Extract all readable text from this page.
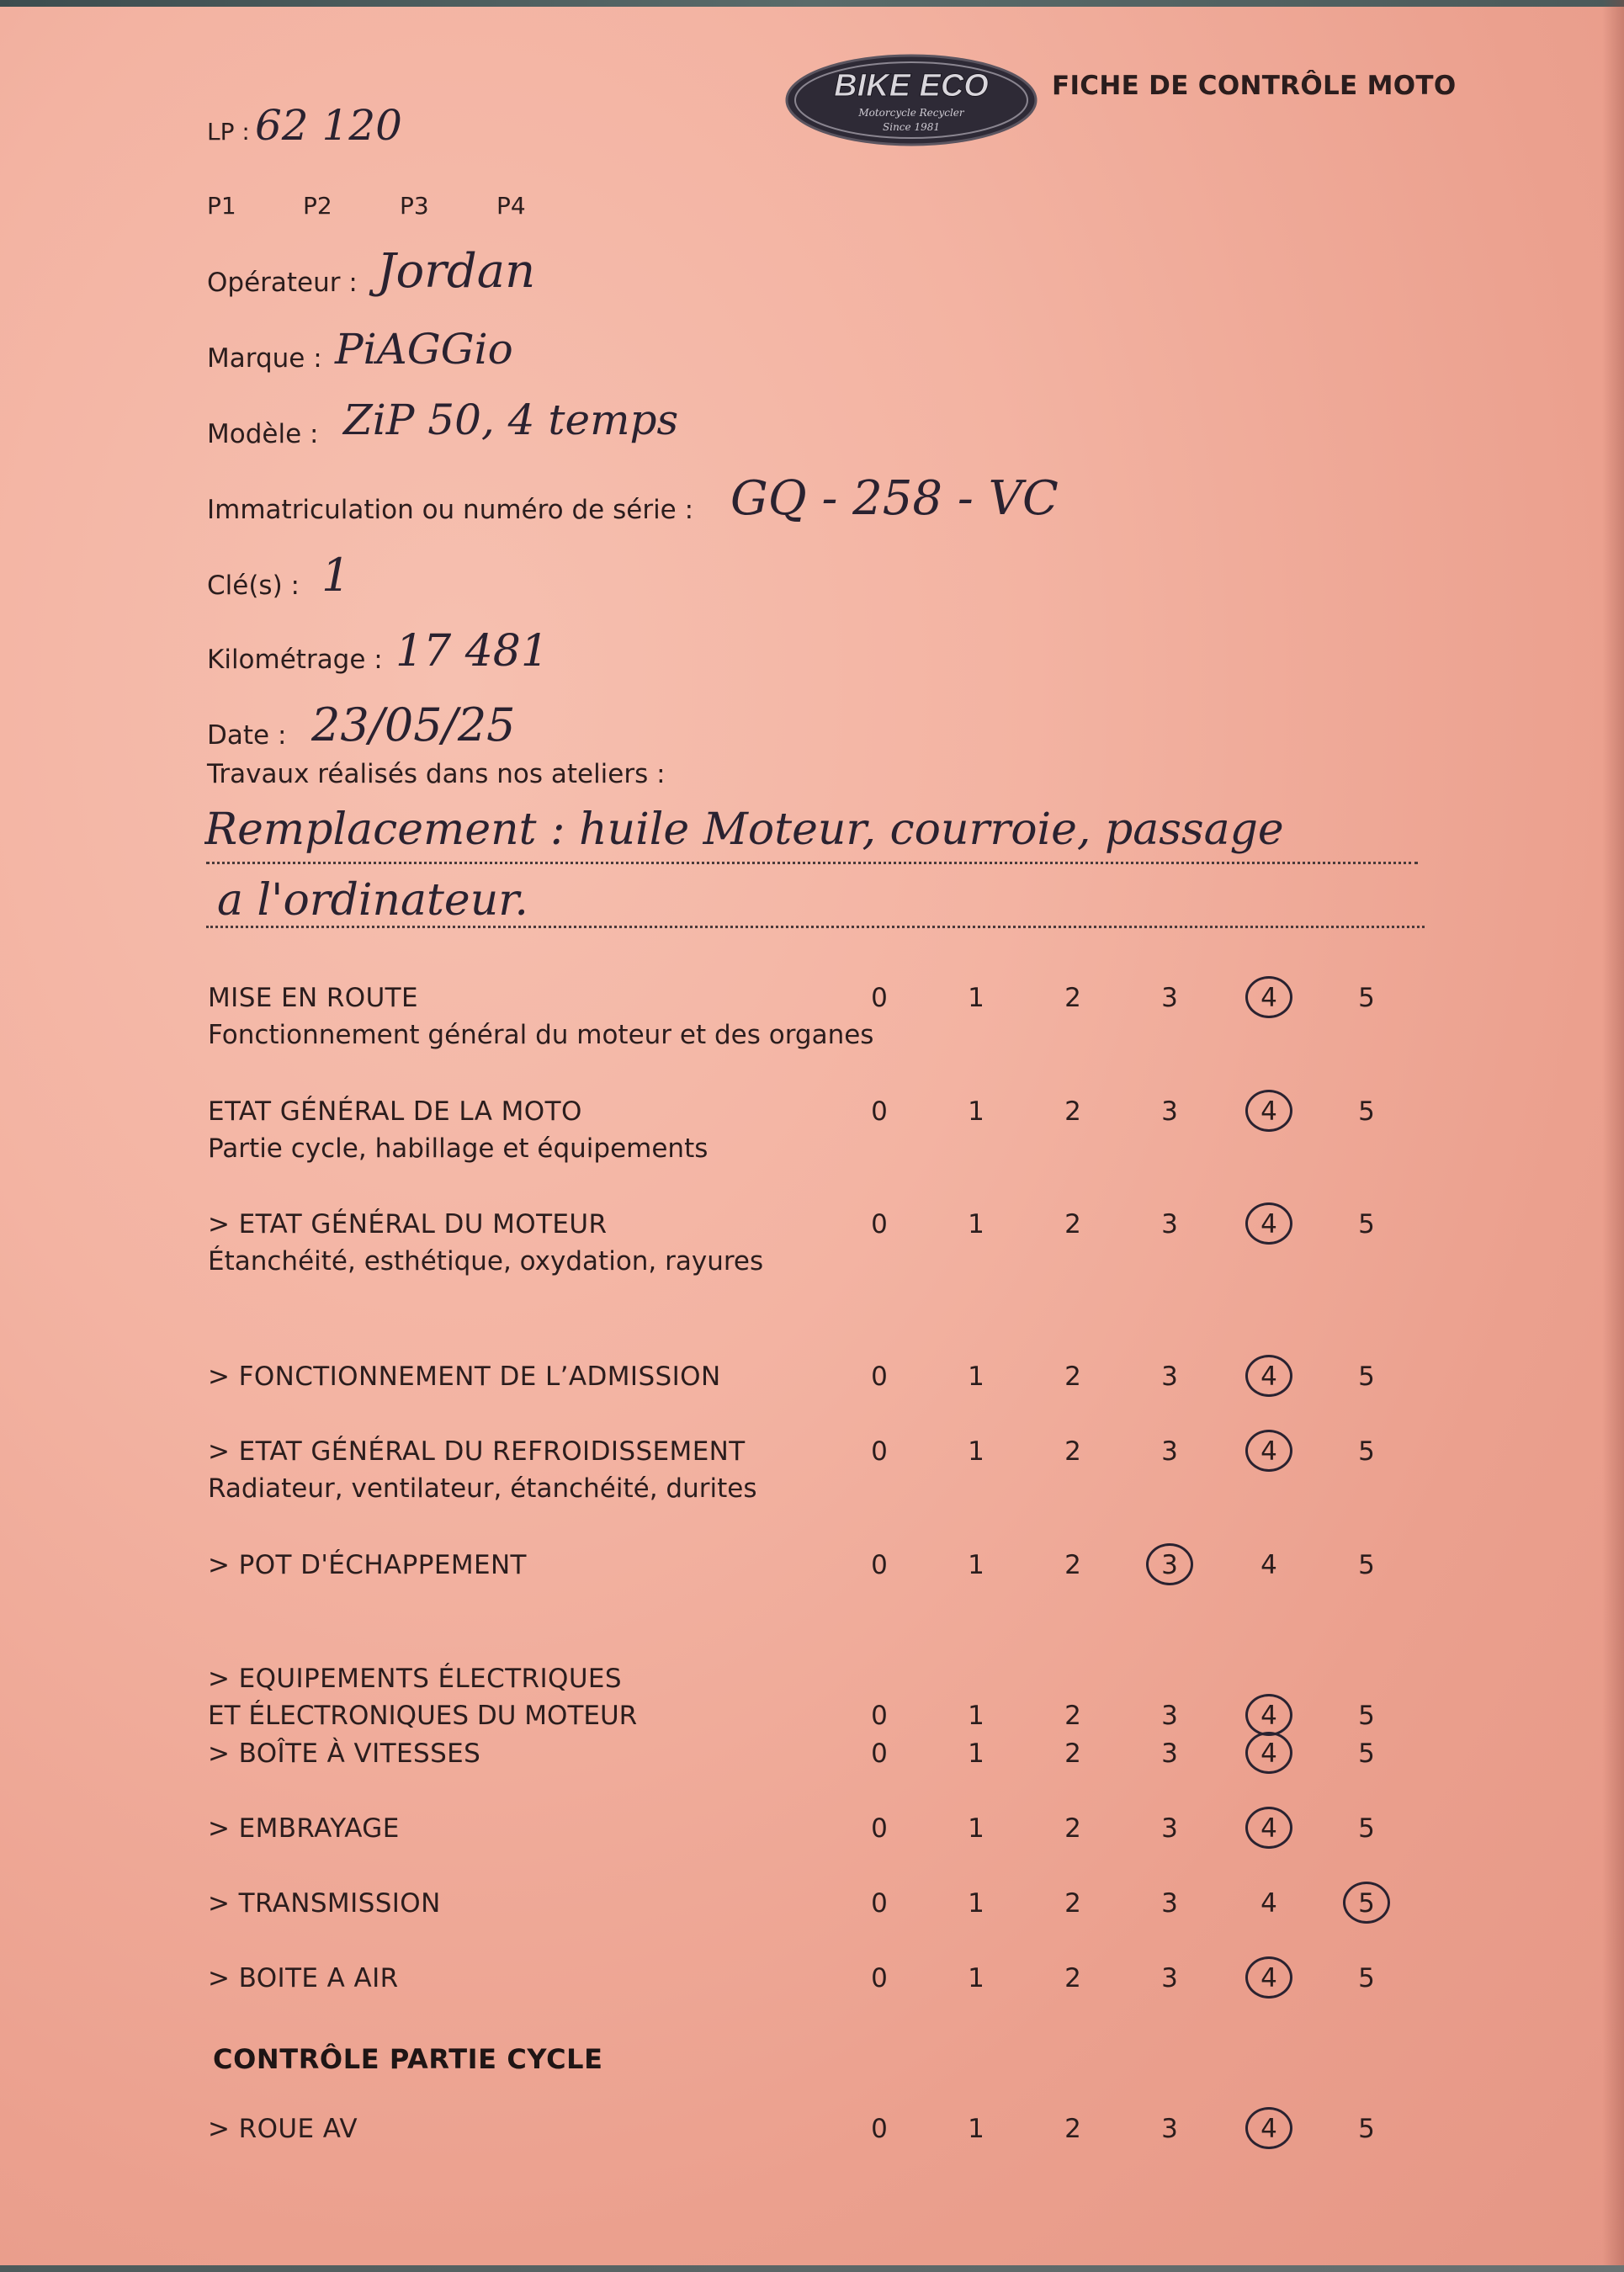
BIKE ECO
Motorcycle Recycler
Since 1981
FICHE DE CONTRÔLE MOTO
LP : 62 120
P1	P2	P3	P4
Opérateur : Jordan
Marque : PiAGGio
Modèle : ZiP 50, 4 temps
Immatriculation ou numéro de série : GQ - 258 - VC
Clé(s) : 1
Kilométrage : 17 481
Date : 23/05/25
Travaux réalisés dans nos ateliers :
Remplacement : huile Moteur, courroie, passage
a l'ordinateur.
MISE EN ROUTE
Fonctionnement général du moteur et des organes
0	1	2	3	4	5
ETAT GÉNÉRAL DE LA MOTO
Partie cycle, habillage et équipements
0	1	2	3	4	5
> ETAT GÉNÉRAL DU MOTEUR
Étanchéité, esthétique, oxydation, rayures
0	1	2	3	4	5
> FONCTIONNEMENT DE L’ADMISSION	0	1	2	3	4	5
> ETAT GÉNÉRAL DU REFROIDISSEMENT
Radiateur, ventilateur, étanchéité, durites
0	1	2	3	4	5
> POT D'ÉCHAPPEMENT	0	1	2	3	4	5
> EQUIPEMENTS ÉLECTRIQUES
ET ÉLECTRONIQUES DU MOTEUR	0	1	2	3	4	5
> BOÎTE À VITESSES	0	1	2	3	4	5
> EMBRAYAGE	0	1	2	3	4	5
> TRANSMISSION	0	1	2	3	4	5
> BOITE A AIR	0	1	2	3	4	5
CONTRÔLE PARTIE CYCLE
> ROUE AV	0	1	2	3	4	5
